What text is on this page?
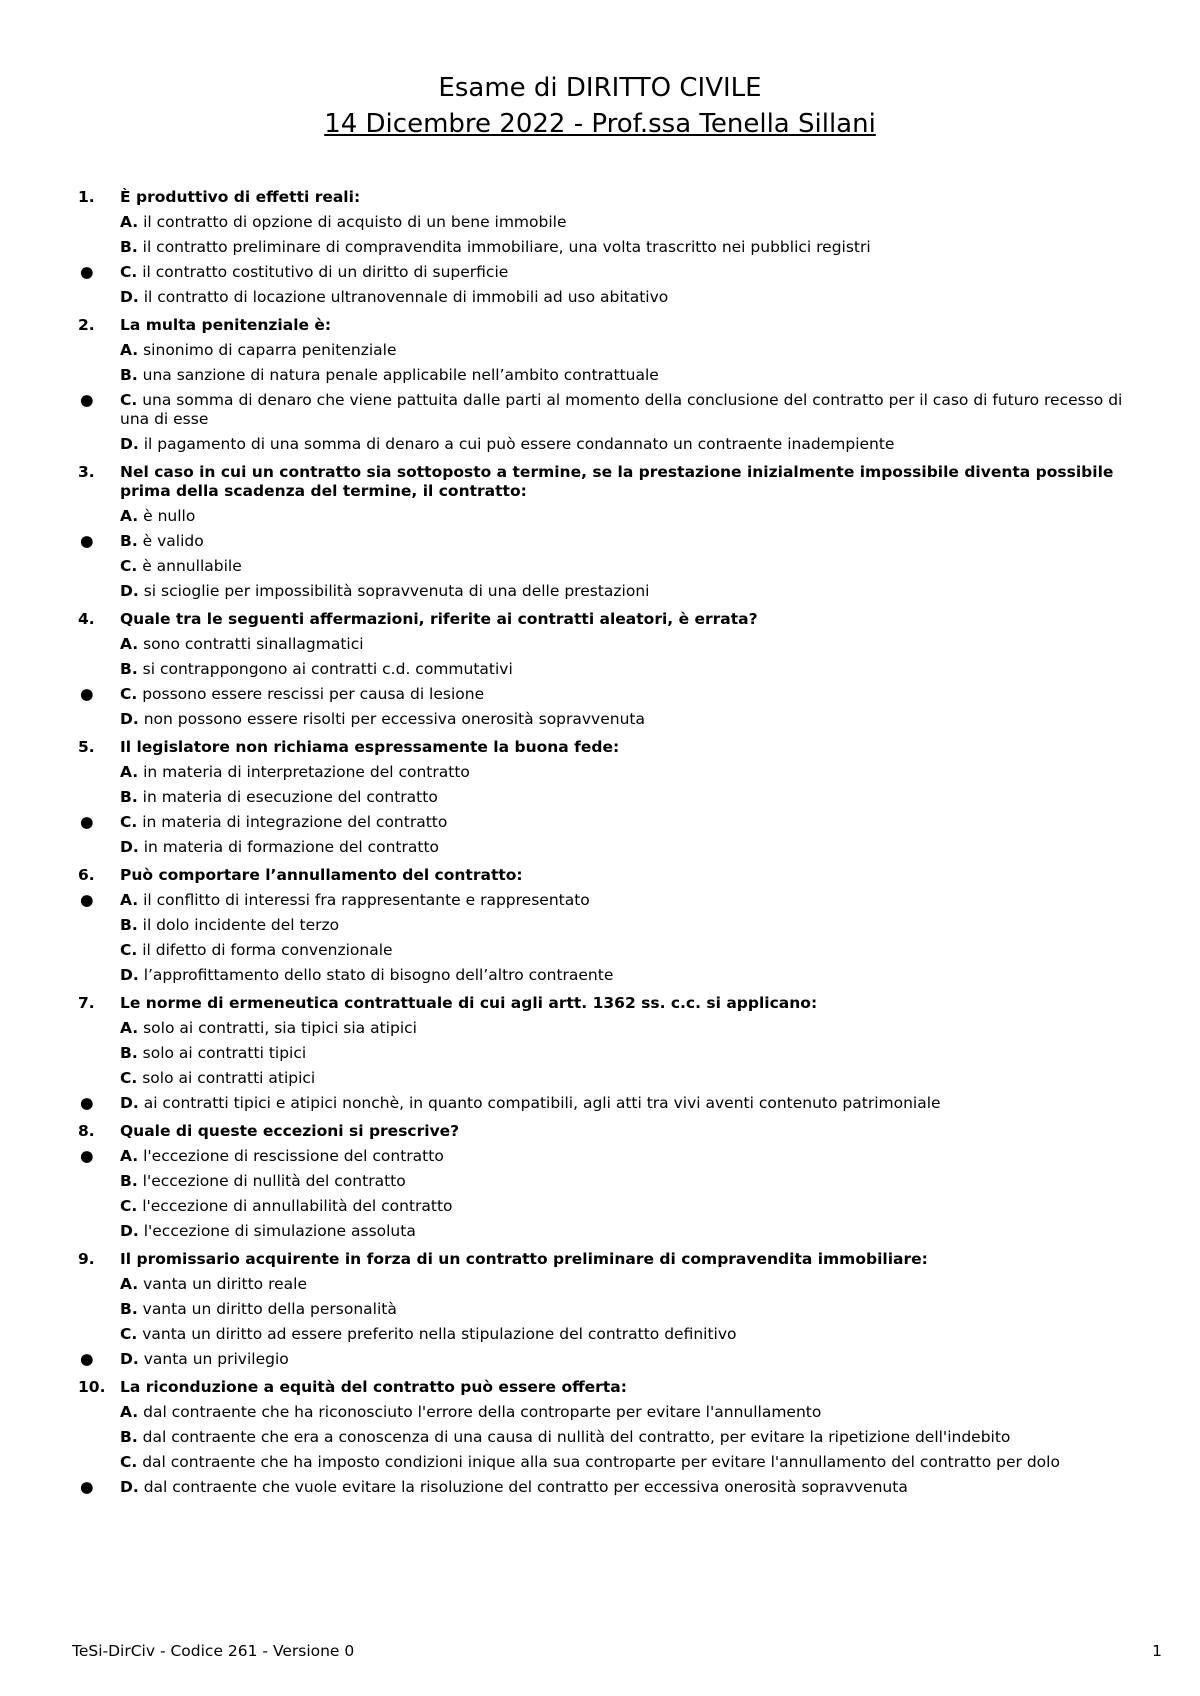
Esame di DIRITTO CIVILE
14 Dicembre 2022 - Prof.ssa Tenella Sillani
1. È produttivo di effetti reali:
A. il contratto di opzione di acquisto di un bene immobile
B. il contratto preliminare di compravendita immobiliare, una volta trascritto nei pubblici registri
● C. il contratto costitutivo di un diritto di superficie
D. il contratto di locazione ultranovennale di immobili ad uso abitativo
2. La multa penitenziale è:
A. sinonimo di caparra penitenziale
B. una sanzione di natura penale applicabile nell’ambito contrattuale
● C. una somma di denaro che viene pattuita dalle parti al momento della conclusione del contratto per il caso di futuro recesso di una di esse
D. il pagamento di una somma di denaro a cui può essere condannato un contraente inadempiente
3. Nel caso in cui un contratto sia sottoposto a termine, se la prestazione inizialmente impossibile diventa possibile prima della scadenza del termine, il contratto:
A. è nullo
● B. è valido
C. è annullabile
D. si scioglie per impossibilità sopravvenuta di una delle prestazioni
4. Quale tra le seguenti affermazioni, riferite ai contratti aleatori, è errata?
A. sono contratti sinallagmatici
B. si contrappongono ai contratti c.d. commutativi
● C. possono essere rescissi per causa di lesione
D. non possono essere risolti per eccessiva onerosità sopravvenuta
5. Il legislatore non richiama espressamente la buona fede:
A. in materia di interpretazione del contratto
B. in materia di esecuzione del contratto
● C. in materia di integrazione del contratto
D. in materia di formazione del contratto
6. Può comportare l’annullamento del contratto:
● A. il conflitto di interessi fra rappresentante e rappresentato
B. il dolo incidente del terzo
C. il difetto di forma convenzionale
D. l’approfittamento dello stato di bisogno dell’altro contraente
7. Le norme di ermeneutica contrattuale di cui agli artt. 1362 ss. c.c. si applicano:
A. solo ai contratti, sia tipici sia atipici
B. solo ai contratti tipici
C. solo ai contratti atipici
● D. ai contratti tipici e atipici nonchè, in quanto compatibili, agli atti tra vivi aventi contenuto patrimoniale
8. Quale di queste eccezioni si prescrive?
● A. l'eccezione di rescissione del contratto
B. l'eccezione di nullità del contratto
C. l'eccezione di annullabilità del contratto
D. l'eccezione di simulazione assoluta
9. Il promissario acquirente in forza di un contratto preliminare di compravendita immobiliare:
A. vanta un diritto reale
B. vanta un diritto della personalità
C. vanta un diritto ad essere preferito nella stipulazione del contratto definitivo
● D. vanta un privilegio
10. La riconduzione a equità del contratto può essere offerta:
A. dal contraente che ha riconosciuto l'errore della controparte per evitare l'annullamento
B. dal contraente che era a conoscenza di una causa di nullità del contratto, per evitare la ripetizione dell'indebito
C. dal contraente che ha imposto condizioni inique alla sua controparte per evitare l'annullamento del contratto per dolo
● D. dal contraente che vuole evitare la risoluzione del contratto per eccessiva onerosità sopravvenuta
TeSi-DirCiv - Codice 261 - Versione 0	1
